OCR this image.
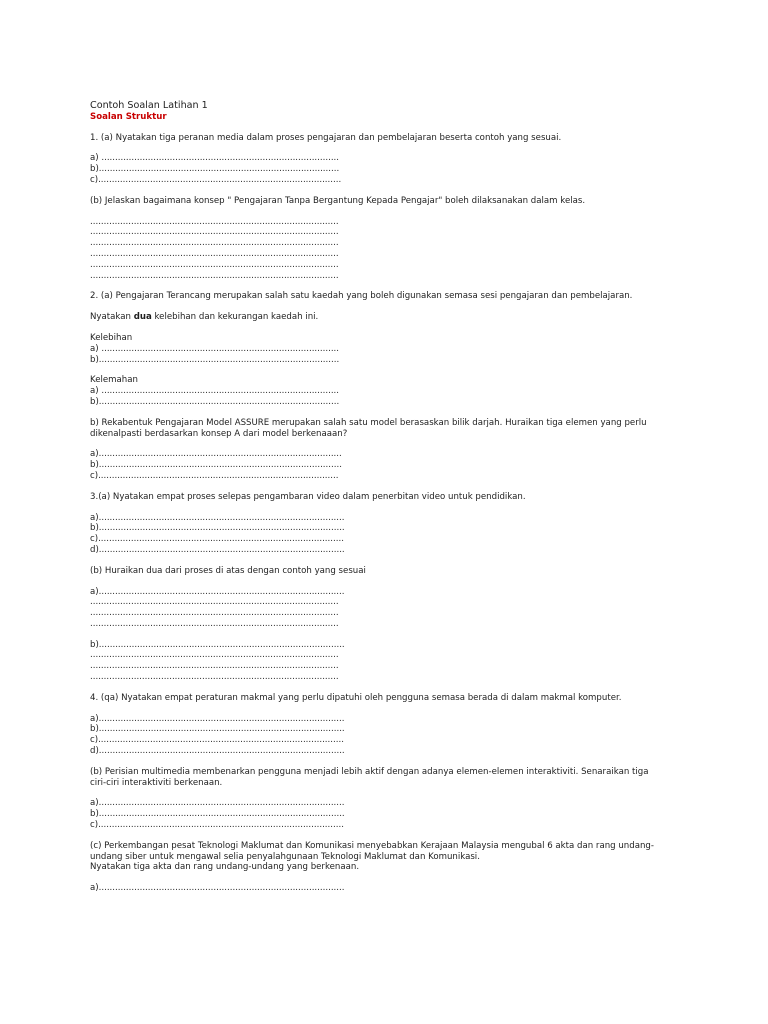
Contoh Soalan Latihan 1
Soalan Struktur
1. (a) Nyatakan tiga peranan media dalam proses pengajaran dan pembelajaran beserta contoh yang sesuai.
a) .......................................................................................
b)........................................................................................
c).........................................................................................
(b) Jelaskan bagaimana konsep " Pengajaran Tanpa Bergantung Kepada Pengajar" boleh dilaksanakan dalam kelas.
...........................................................................................
...........................................................................................
...........................................................................................
...........................................................................................
...........................................................................................
...........................................................................................
2. (a) Pengajaran Terancang merupakan salah satu kaedah yang boleh digunakan semasa sesi pengajaran dan pembelajaran.
Nyatakan dua kelebihan dan kekurangan kaedah ini.
Kelebihan
a) .......................................................................................
b)........................................................................................
Kelemahan
a) .......................................................................................
b)........................................................................................
b) Rekabentuk Pengajaran Model ASSURE merupakan salah satu model berasaskan bilik darjah. Huraikan tiga elemen yang perlu
dikenalpasti berdasarkan konsep A dari model berkenaaan?
a).........................................................................................
b).........................................................................................
c)........................................................................................
3.(a) Nyatakan empat proses selepas pengambaran video dalam penerbitan video untuk pendidikan.
a)..........................................................................................
b)..........................................................................................
c)..........................................................................................
d)..........................................................................................
(b) Huraikan dua dari proses di atas dengan contoh yang sesuai
a)..........................................................................................
...........................................................................................
...........................................................................................
...........................................................................................
b)..........................................................................................
...........................................................................................
...........................................................................................
...........................................................................................
4. (qa) Nyatakan empat peraturan makmal yang perlu dipatuhi oleh pengguna semasa berada di dalam makmal komputer.
a)..........................................................................................
b)..........................................................................................
c)..........................................................................................
d)..........................................................................................
(b) Perisian multimedia membenarkan pengguna menjadi lebih aktif dengan adanya elemen-elemen interaktiviti. Senaraikan tiga
ciri-ciri interaktiviti berkenaan.
a)..........................................................................................
b)..........................................................................................
c)..........................................................................................
(c) Perkembangan pesat Teknologi Maklumat dan Komunikasi menyebabkan Kerajaan Malaysia mengubal 6 akta dan rang undang-
undang siber untuk mengawal selia penyalahgunaan Teknologi Maklumat dan Komunikasi.
Nyatakan tiga akta dan rang undang-undang yang berkenaan.
a)..........................................................................................
